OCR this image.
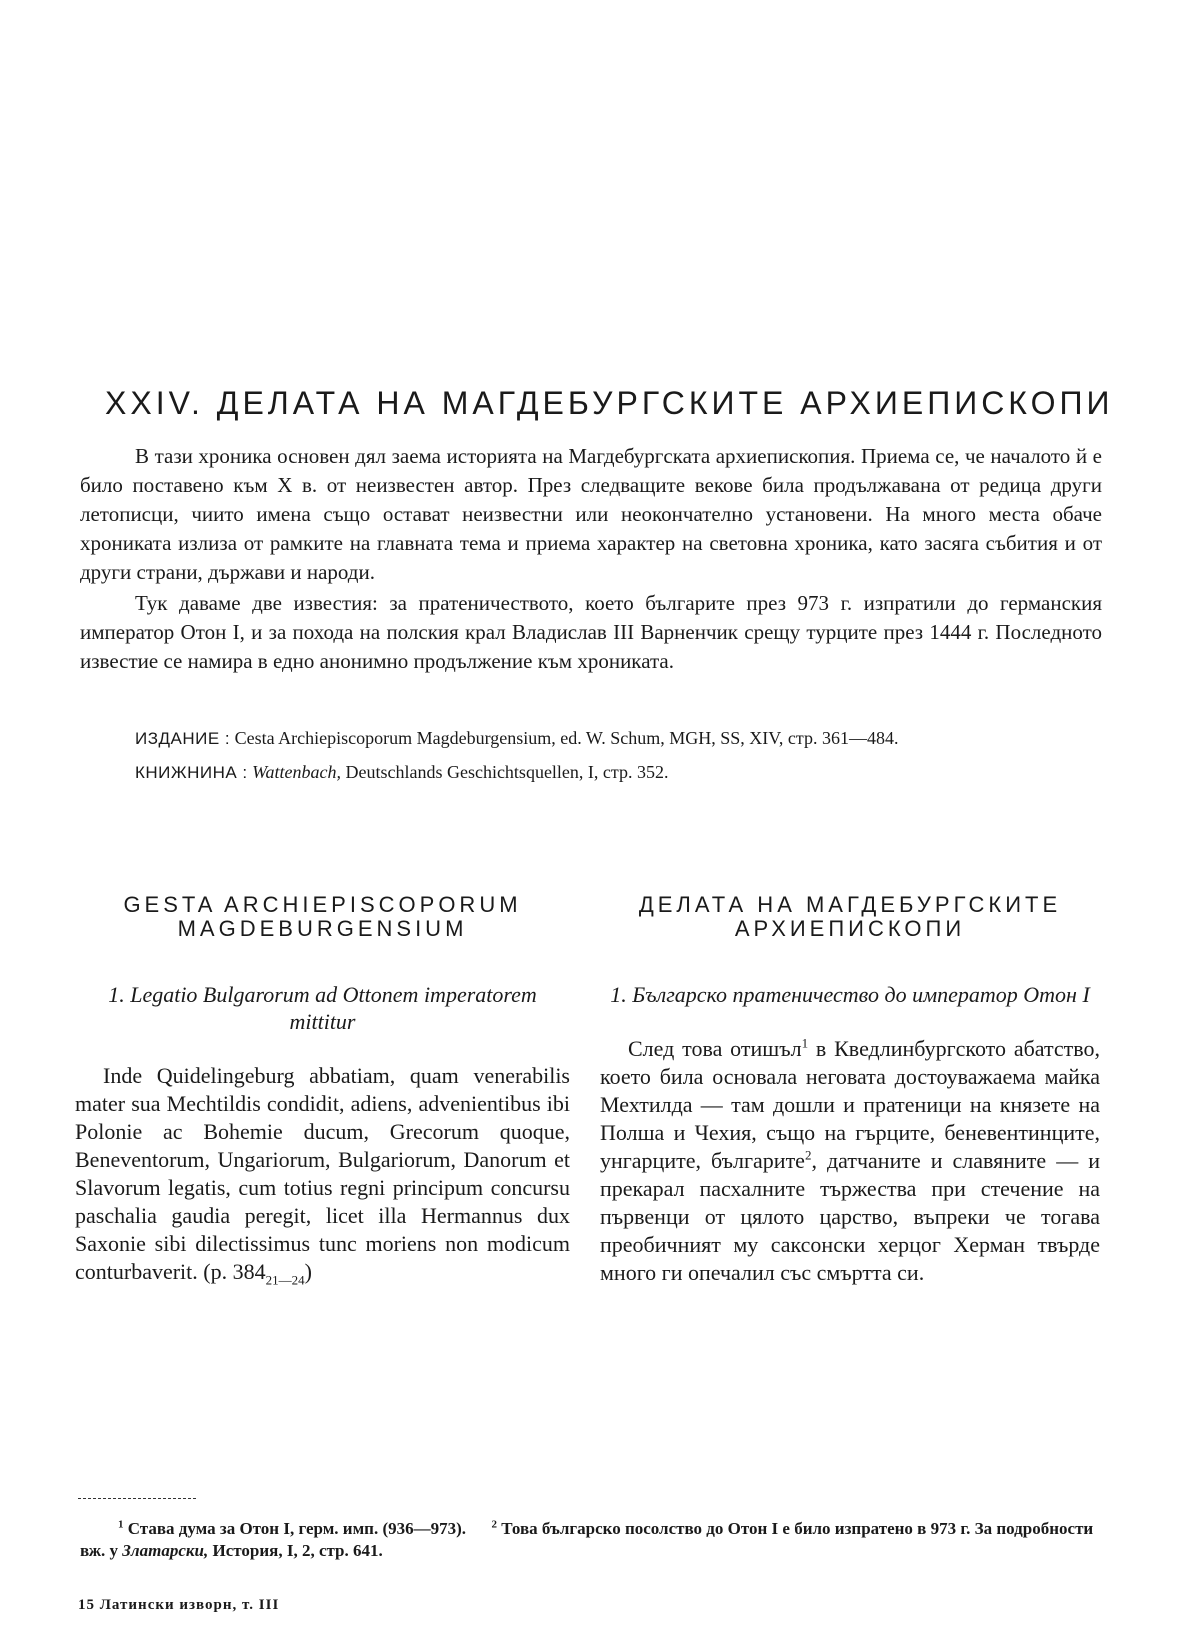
XXIV. ДЕЛАТА НА МАГДЕБУРГСКИТЕ АРХИЕПИСКОПИ

В тази хроника основен дял заема историята на Магдебургската архиепископия. Приема се, че началото й е било поставено към X в. от неизвестен автор. През следващите векове била продължавана от редица други летописци, чиито имена също остават неизвестни или неокончателно установени. На много места обаче хрониката излиза от рамките на главната тема и приема характер на световна хроника, като засяга събития и от други страни, държави и народи.

Тук даваме две известия: за пратеничеството, което българите през 973 г. изпратили до германския император Отон I, и за похода на полския крал Владислав III Варненчик срещу турците през 1444 г. Последното известие се намира в едно анонимно продължение към хрониката.

ИЗДАНИЕ : Cesta Archiepiscoporum Magdeburgensium, ed. W. Schum, MGH, SS, XIV, стр. 361—484.

КНИЖНИНА : Wattenbach, Deutschlands Geschichtsquellen, I, стр. 352.

GESTA ARCHIEPISCOPORUM
MAGDEBURGENSIUM
1. Legatio Bulgarorum ad Ottonem imperatorem mittitur

Inde Quidelingeburg abbatiam, quam venerabilis mater sua Mechtildis condidit, adiens, advenientibus ibi Polonie ac Bohemie ducum, Grecorum quoque, Beneventorum, Ungariorum, Bulgariorum, Danorum et Slavorum legatis, cum totius regni principum concursu paschalia gaudia peregit, licet illa Hermannus dux Saxonie sibi dilectissimus tunc moriens non modicum conturbaverit. (p. $384_{21—24}$)

ДЕЛАТА НА МАГДЕБУРГСКИТЕ
АРХИЕПИСКОПИ
1. Българско пратеничество до император Отон I

След това отишъл$^1$ в Кведлинбургското абатство, което била основала неговата достоуважаема майка Мехтилда — там дошли и пратеници на князете на Полша и Чехия, също на гърците, беневентинците, унгарците, българите$^2$, датчаните и славяните — и прекарал пасхалните тържества при стечение на първенци от цялото царство, въпреки че тогава преобичният му саксонски херцог Херман твърде много ги опечалил със смъртта си.

$^1$ Става дума за Отон I, герм. имп. (936—973). $^2$ Това българско посолство до Отон I е било изпратено в 973 г. За подробности вж. у Златарски, История, I, 2, стр. 641.

15 Латински изворн, т. III
